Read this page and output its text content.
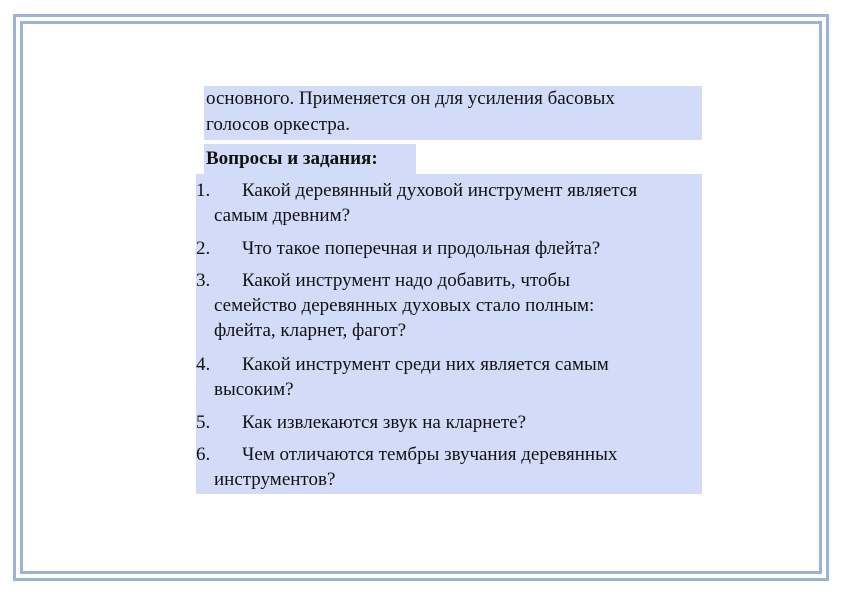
основного. Применяется он для усиления басовых
голосов оркестра.
Вопросы и задания:
1.	Какой деревянный духовой инструмент является
самым древним?
2.	Что такое поперечная и продольная флейта?
3.	Какой инструмент надо добавить, чтобы
семейство деревянных духовых стало полным:
флейта, кларнет, фагот?
4.	Какой инструмент среди них является самым
высоким?
5.	Как извлекаются звук на кларнете?
6.	Чем отличаются тембры звучания деревянных
инструментов?
